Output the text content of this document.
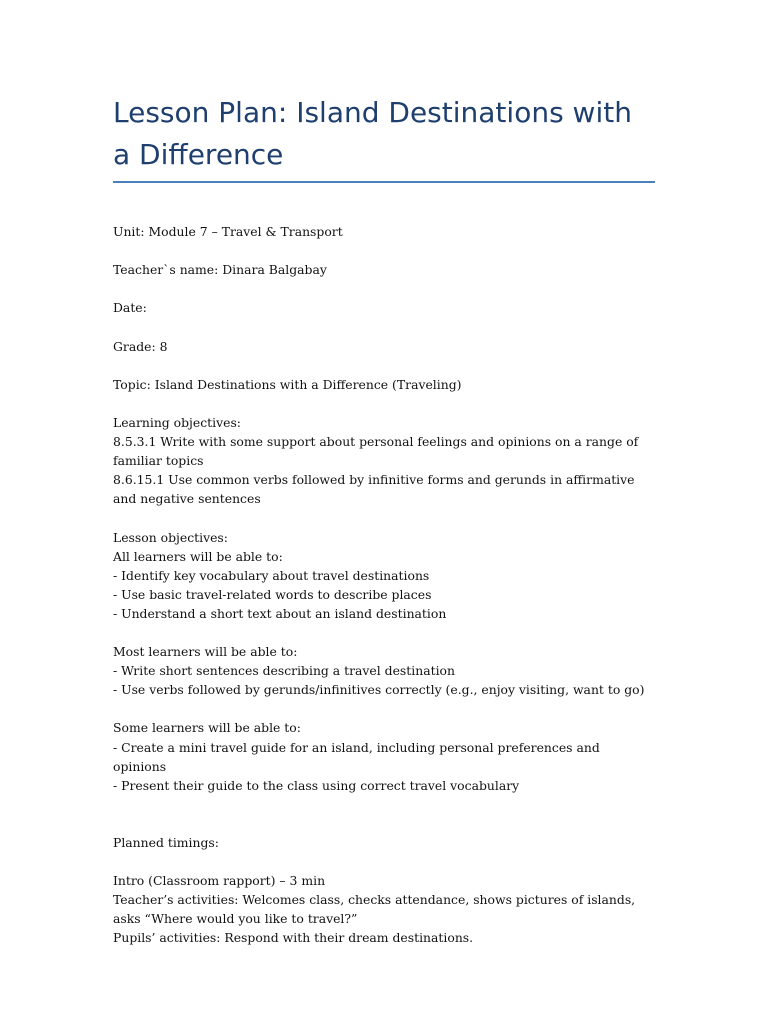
Lesson Plan: Island Destinations with a Difference

Unit: Module 7 – Travel & Transport

Teacher`s name: Dinara Balgabay

Date:

Grade: 8

Topic: Island Destinations with a Difference (Traveling)

Learning objectives:

8.5.3.1 Write with some support about personal feelings and opinions on a range of familiar topics

8.6.15.1 Use common verbs followed by infinitive forms and gerunds in affirmative and negative sentences

Lesson objectives:

All learners will be able to:

- Identify key vocabulary about travel destinations

- Use basic travel-related words to describe places

- Understand a short text about an island destination

Most learners will be able to:

- Write short sentences describing a travel destination

- Use verbs followed by gerunds/infinitives correctly (e.g., enjoy visiting, want to go)

Some learners will be able to:

- Create a mini travel guide for an island, including personal preferences and opinions

- Present their guide to the class using correct travel vocabulary

Planned timings:

Intro (Classroom rapport) – 3 min

Teacher’s activities: Welcomes class, checks attendance, shows pictures of islands, asks “Where would you like to travel?”

Pupils’ activities: Respond with their dream destinations.
